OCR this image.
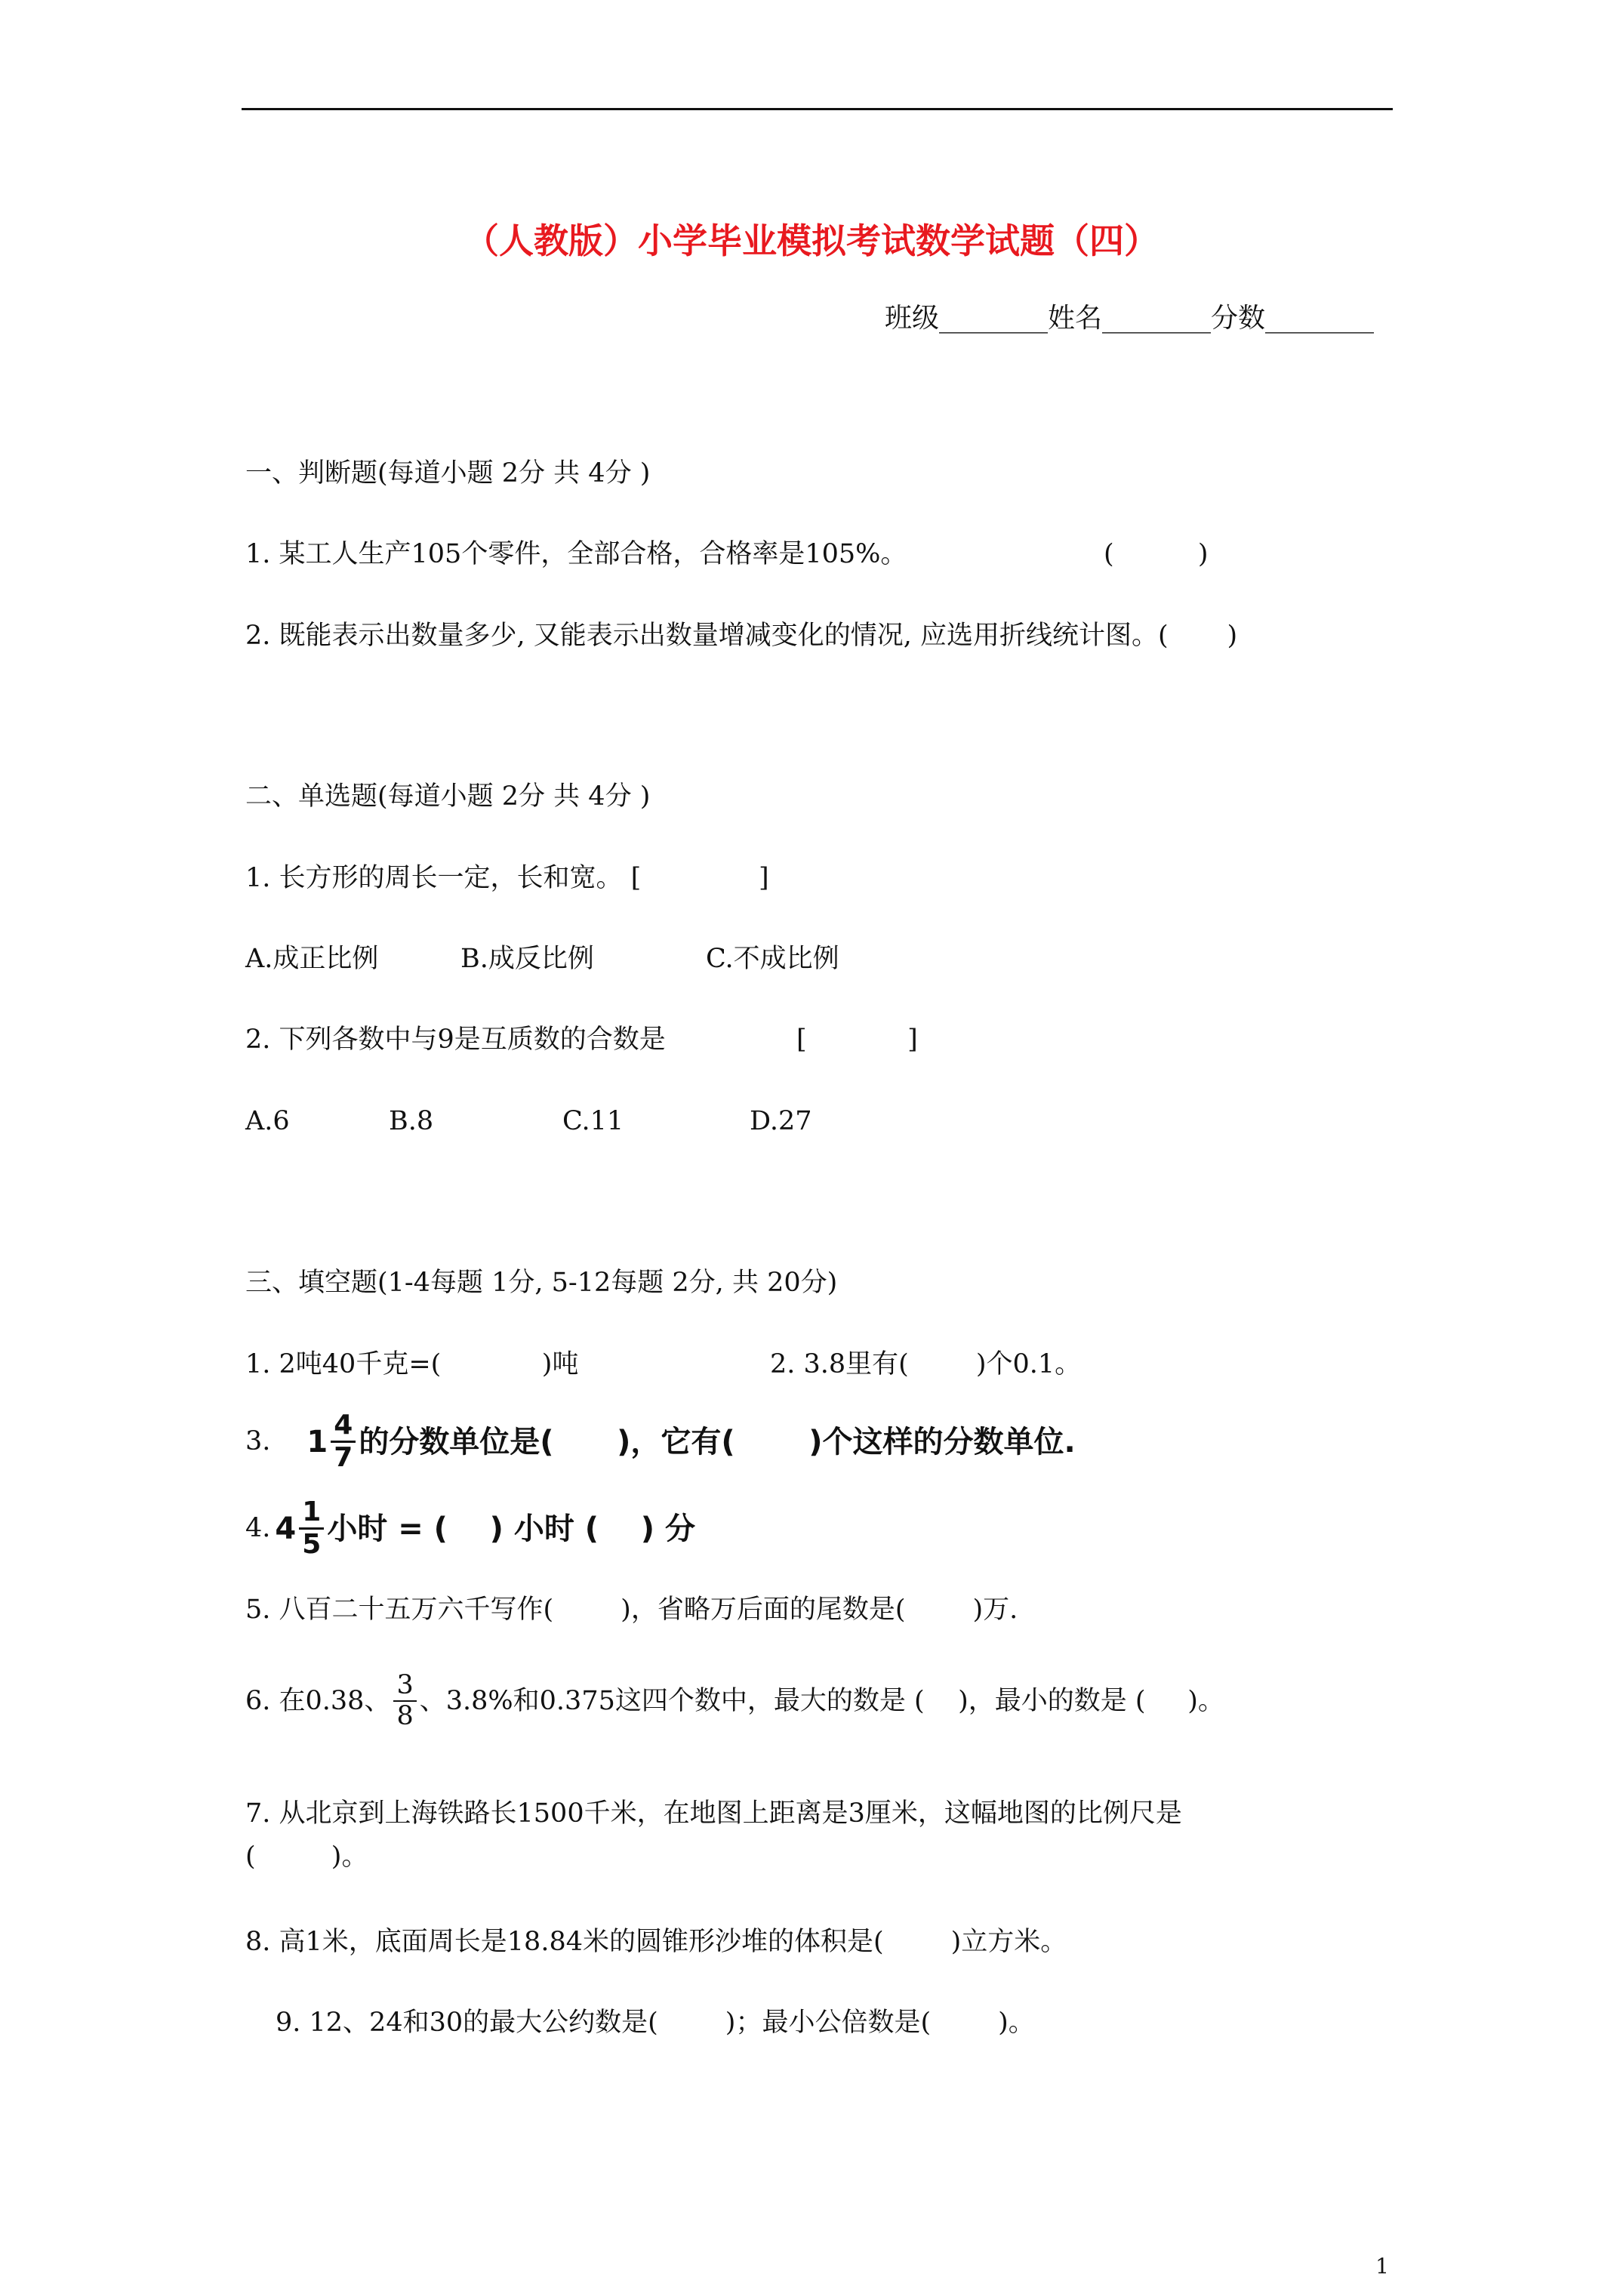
（人教版）小学毕业模拟考试数学试题（四）
班级________姓名________分数________
一、判断题(每道小题 2分 共 4分 )
1. 某工人生产105个零件，全部合格，合格率是105%。	(          )
2. 既能表示出数量多少, 又能表示出数量增减变化的情况, 应选用折线统计图。(       )
二、单选题(每道小题 2分 共 4分 )
1. 长方形的周长一定，长和宽。 [              ]
A.成正比例	B.成反比例	C.不成比例
2. 下列各数中与9是互质数的合数是	[            ]
A.6	B.8	C.11	D.27
三、填空题(1-4每题 1分, 5-12每题 2分, 共 20分)
1. 2吨40千克=(            )吨	2. 3.8里有(        )个0.1。
3. $1 \frac{4}{7}$ 的分数单位是(      )，它有(       )个这样的分数单位.
4. $4 \frac{1}{5}$ 小时 = (    ) 小时 (    ) 分
5. 八百二十五万六千写作(        )，省略万后面的尾数是(        )万.
6. 在0.38、 $\frac{3}{8}$ 、3.8%和0.375这四个数中，最大的数是 (    )，最小的数是 (     )。
7. 从北京到上海铁路长1500千米，在地图上距离是3厘米，这幅地图的比例尺是
(         )。
8. 高1米，底面周长是18.84米的圆锥形沙堆的体积是(        )立方米。
9. 12、24和30的最大公约数是(        )；最小公倍数是(        )。
1
